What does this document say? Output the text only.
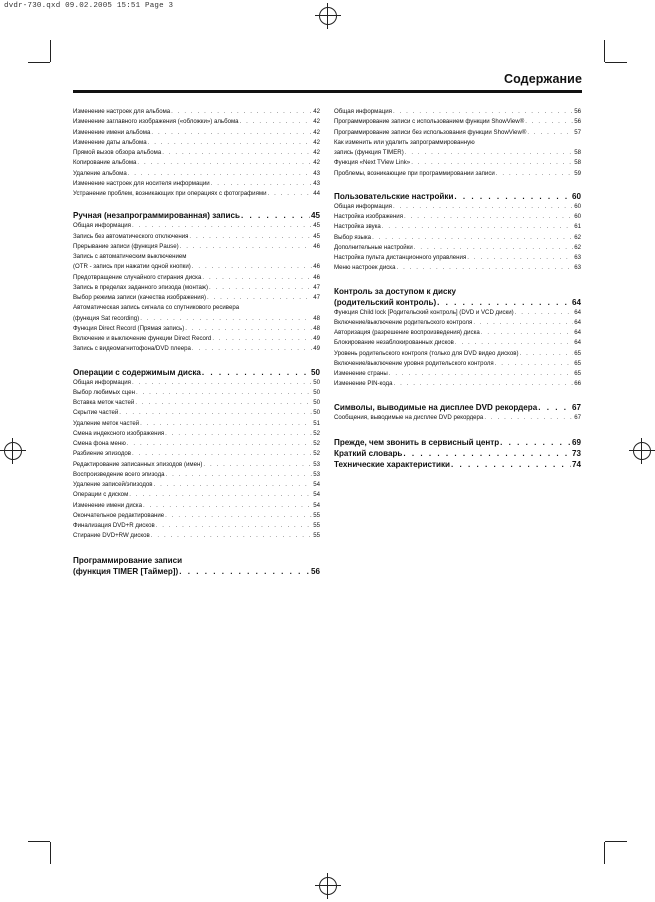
dvdr-730.qxd 09.02.2005 15:51 Page 3
Содержание
Изменение настроек для альбома . . .	42
Изменение заглавного изображения («обложки») альбома . . .	42
Изменение имени альбома . . .	42
Изменение даты альбома . . .	42
Прямой вызов обзора альбома . . .	42
Копирование альбома . . .	42
Удаление альбома . . .	43
Изменение настроек для носителя информации . . .	43
Устранение проблем, возникающих при операциях с фотографиями . . .	44
Ручная (незапрограммированная) запись . . .	45
Общая информация . . .	45
Запись без автоматического отключения . . .	45
Прерывание записи (функция Pause) . . .	46
Запись с автоматическим выключением
(OTR - запись при нажатии одной кнопки) . . .	46
Предотвращение случайного стирания диска . . .	46
Запись в пределах заданного эпизода (монтаж) . . .	47
Выбор режима записи (качества изображения) . . .	47
Автоматическая запись сигнала со спутникового ресивера
(функция Sat recording) . . .	48
Функция Direct Record (Прямая запись) . . .	48
Включение и выключение функции Direct Record . . .	49
Запись с видеомагнитофона/DVD плеера . . .	49
Операции с содержимым диска . . .	50
Общая информация . . .	50
Выбор любимых сцен . . .	50
Вставка меток частей . . .	50
Скрытие частей . . .	50
Удаление меток частей . . .	51
Смена индексного изображения . . .	52
Смена фона меню . . .	52
Разбиение эпизодов . . .	52
Редактирование записанных эпизодов (имен) . . .	53
Воспроизведение всего эпизода . . .	53
Удаление записей/эпизодов . . .	54
Операции с диском . . .	54
Изменение имени диска . . .	54
Окончательное редактирование . . .	55
Финализация DVD+R дисков . . .	55
Стирание DVD+RW дисков . . .	55
Программирование записи
(функция TIMER [Таймер]) . . .	56
Общая информация . . .	56
Программирование записи с использованием функции ShowView® . . .	56
Программирование записи без использования функции ShowView® . . .	57
Как изменить или удалить запрограммированную
запись (функция TIMER) . . .	58
Функция «Next TView Link» . . .	58
Проблемы, возникающие при программировании записи . . .	59
Пользовательские настройки . . .	60
Общая информация . . .	60
Настройка изображения . . .	60
Настройка звука . . .	61
Выбор языка . . .	62
Дополнительные настройки . . .	62
Настройка пульта дистанционного управления . . .	63
Меню настроек диска . . .	63
Контроль за доступом к диску
(родительский контроль) . . .	64
Функция Child lock [Родительский контроль] (DVD и VCD диски) . . .	64
Включение/выключение родительского контроля . . .	64
Авторизация (разрешение воспроизведения) диска . . .	64
Блокирование незаблокированных дисков . . .	64
Уровень родительского контроля (только для DVD видео дисков) . . .	65
Включение/выключение уровня родительского контроля . . .	65
Изменение страны . . .	65
Изменение PIN-кода . . .	66
Символы, выводимые на дисплее DVD рекордера . . .	67
Сообщения, выводимые на дисплее DVD рекордера . . .	67
Прежде, чем звонить в сервисный центр . . .	69
Краткий словарь . . .	73
Технические характеристики . . .	74
